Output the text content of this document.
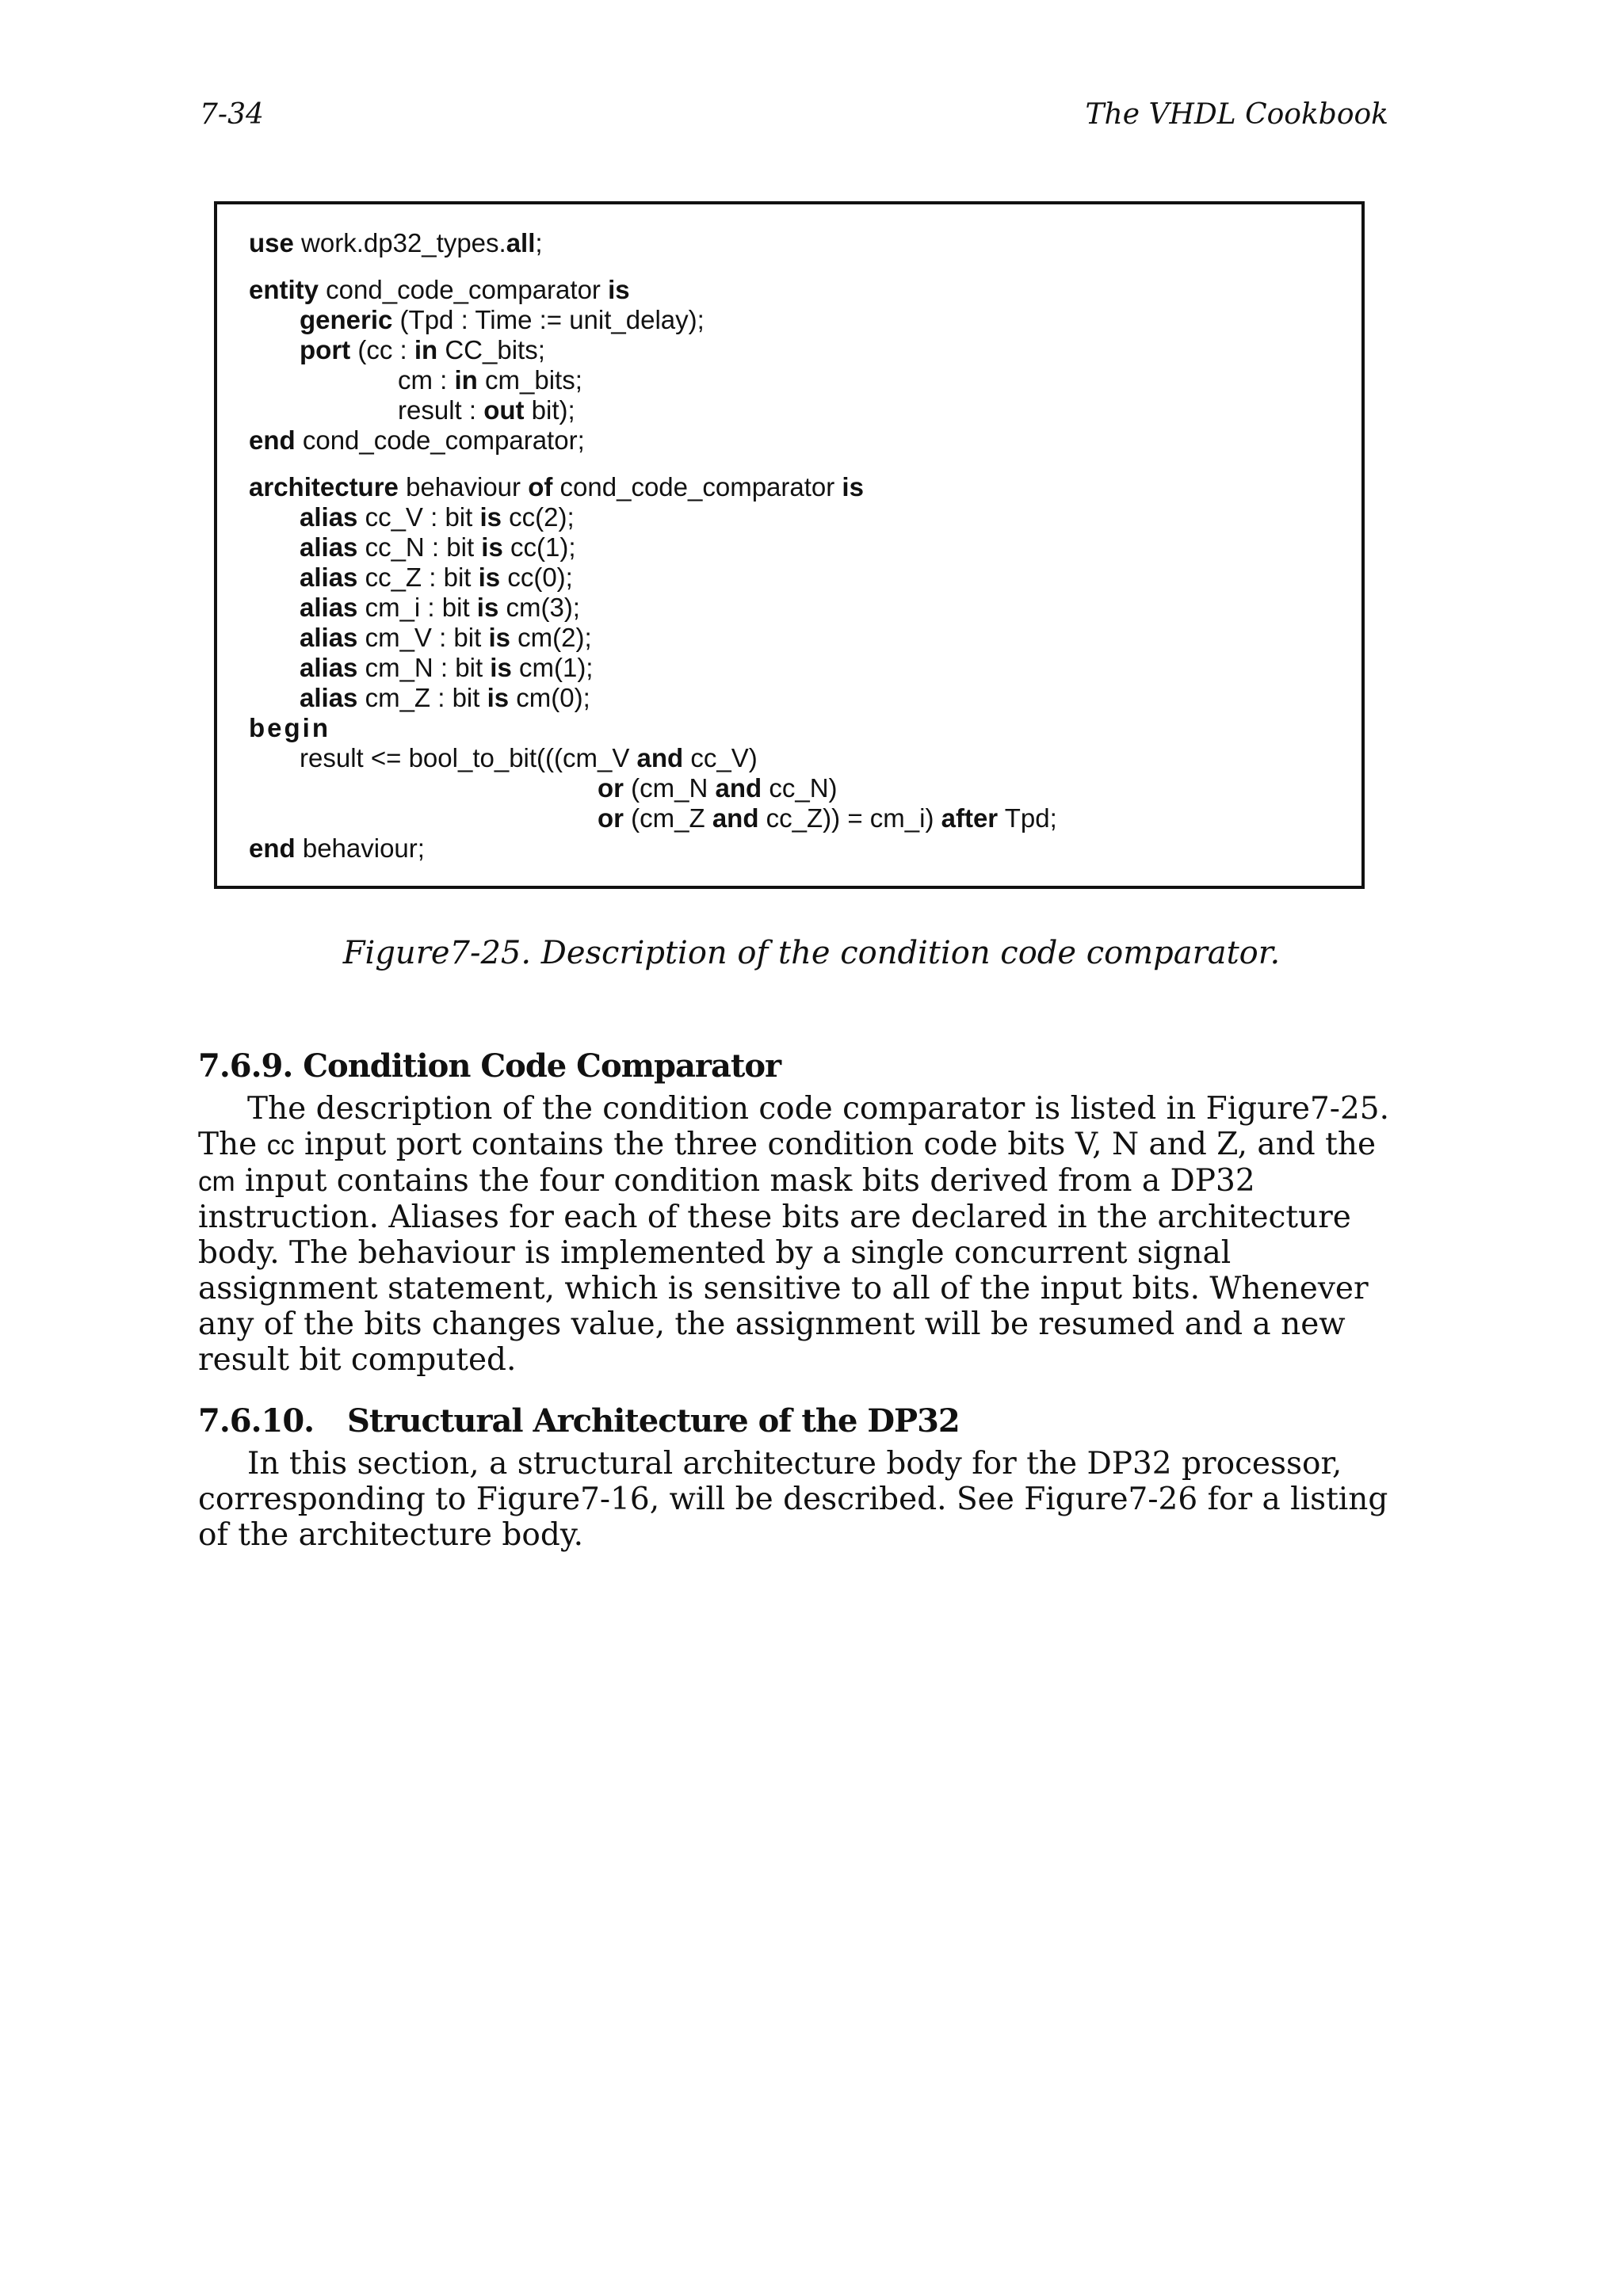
7-34	The VHDL Cookbook
use work.dp32_types.all;
entity cond_code_comparator is
generic (Tpd : Time := unit_delay);
port (cc : in CC_bits;
cm : in cm_bits;
result : out bit);
end cond_code_comparator;
architecture behaviour of cond_code_comparator is
alias cc_V : bit is cc(2);
alias cc_N : bit is cc(1);
alias cc_Z : bit is cc(0);
alias cm_i : bit is cm(3);
alias cm_V : bit is cm(2);
alias cm_N : bit is cm(1);
alias cm_Z : bit is cm(0);
begin
result <= bool_to_bit(((cm_V and cc_V)
or (cm_N and cc_N)
or (cm_Z and cc_Z)) = cm_i) after Tpd;
end behaviour;
Figure7-25. Description of the condition code comparator.
7.6.9. Condition Code Comparator
The description of the condition code comparator is listed in Figure7-25.
The cc input port contains the three condition code bits V, N and Z, and the
cm input contains the four condition mask bits derived from a DP32
instruction. Aliases for each of these bits are declared in the architecture
body. The behaviour is implemented by a single concurrent signal
assignment statement, which is sensitive to all of the input bits. Whenever
any of the bits changes value, the assignment will be resumed and a new
result bit computed.
7.6.10. Structural Architecture of the DP32
In this section, a structural architecture body for the DP32 processor,
corresponding to Figure7-16, will be described. See Figure7-26 for a listing
of the architecture body.
